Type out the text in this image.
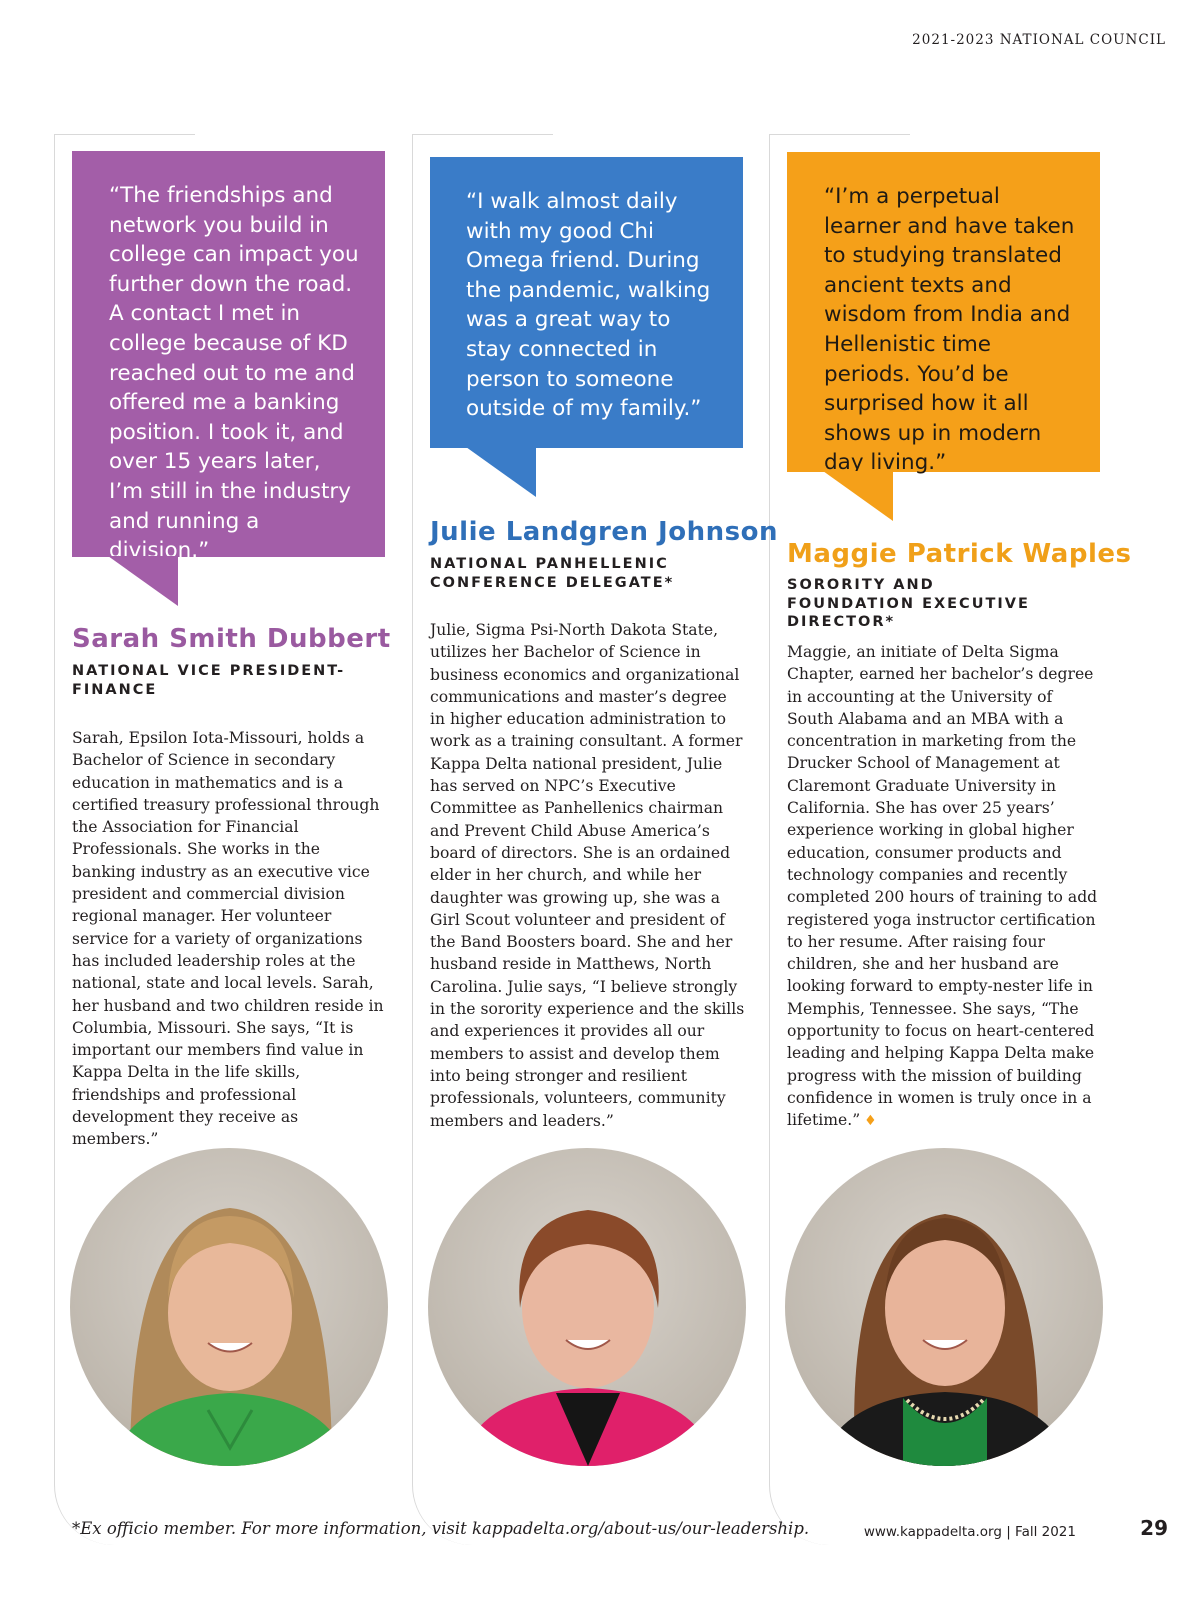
2021-2023 NATIONAL COUNCIL
“The friendships and network you build in college can impact you further down the road. A contact I met in college because of KD reached out to me and offered me a banking position. I took it, and over 15 years later, I’m still in the industry and running a division.”
Sarah Smith Dubbert
NATIONAL VICE PRESIDENT-FINANCE
Sarah, Epsilon Iota-Missouri, holds a Bachelor of Science in secondary education in mathematics and is a certified treasury professional through the Association for Financial Professionals. She works in the banking industry as an executive vice president and commercial division regional manager. Her volunteer service for a variety of organizations has included leadership roles at the national, state and local levels. Sarah, her husband and two children reside in Columbia, Missouri. She says, “It is important our members find value in Kappa Delta in the life skills, friendships and professional development they receive as members.”
“I walk almost daily with my good Chi Omega friend. During the pandemic, walking was a great way to stay connected in person to someone outside of my family.”
Julie Landgren Johnson
NATIONAL PANHELLENIC CONFERENCE DELEGATE*
Julie, Sigma Psi-North Dakota State, utilizes her Bachelor of Science in business economics and organizational communications and master’s degree in higher education administration to work as a training consultant. A former Kappa Delta national president, Julie has served on NPC’s Executive Committee as Panhellenics chairman and Prevent Child Abuse America’s board of directors. She is an ordained elder in her church, and while her daughter was growing up, she was a Girl Scout volunteer and president of the Band Boosters board. She and her husband reside in Matthews, North Carolina. Julie says, “I believe strongly in the sorority experience and the skills and experiences it provides all our members to assist and develop them into being stronger and resilient professionals, volunteers, community members and leaders.”
“I’m a perpetual learner and have taken to studying translated ancient texts and wisdom from India and Hellenistic time periods. You’d be surprised how it all shows up in modern day living.”
Maggie Patrick Waples
SORORITY AND FOUNDATION EXECUTIVE DIRECTOR*
Maggie, an initiate of Delta Sigma Chapter, earned her bachelor’s degree in accounting at the University of South Alabama and an MBA with a concentration in marketing from the Drucker School of Management at Claremont Graduate University in California. She has over 25 years’ experience working in global higher education, consumer products and technology companies and recently completed 200 hours of training to add registered yoga instructor certification to her resume. After raising four children, she and her husband are looking forward to empty-nester life in Memphis, Tennessee. She says, “The opportunity to focus on heart-centered leading and helping Kappa Delta make progress with the mission of building confidence in women is truly once in a lifetime.” ♦
*Ex officio member. For more information, visit kappadelta.org/about-us/our-leadership.	www.kappadelta.org | Fall 2021	29
